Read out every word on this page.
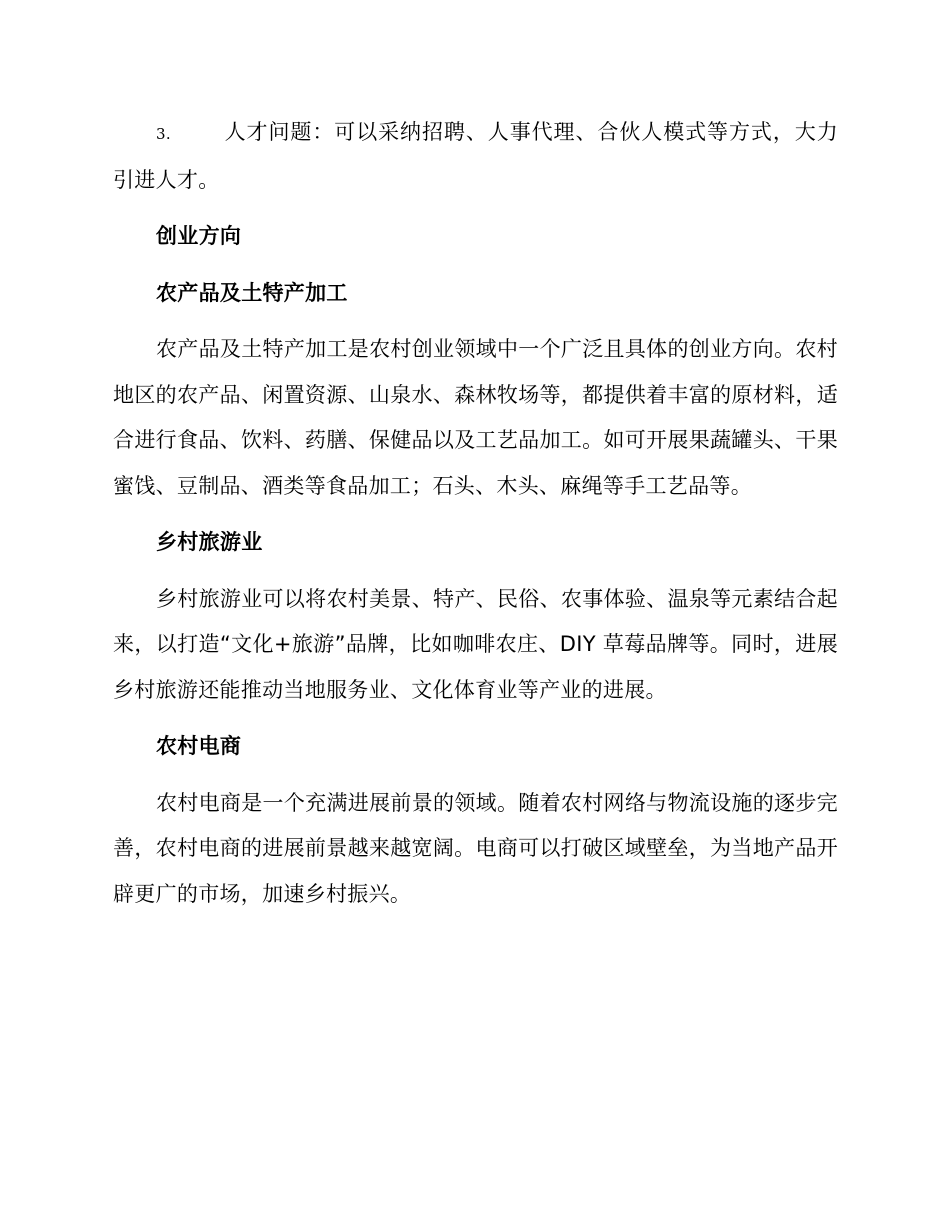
3.	人才问题：可以采纳招聘、人事代理、合伙人模式等方式，大力引进人才。

创业方向

农产品及土特产加工

农产品及土特产加工是农村创业领域中一个广泛且具体的创业方向。农村地区的农产品、闲置资源、山泉水、森林牧场等，都提供着丰富的原材料，适合进行食品、饮料、药膳、保健品以及工艺品加工。如可开展果蔬罐头、干果蜜饯、豆制品、酒类等食品加工；石头、木头、麻绳等手工艺品等。

乡村旅游业

乡村旅游业可以将农村美景、特产、民俗、农事体验、温泉等元素结合起来，以打造“文化+旅游”品牌，比如咖啡农庄、DIY 草莓品牌等。同时，进展乡村旅游还能推动当地服务业、文化体育业等产业的进展。

农村电商

农村电商是一个充满进展前景的领域。随着农村网络与物流设施的逐步完善，农村电商的进展前景越来越宽阔。电商可以打破区域壁垒，为当地产品开辟更广的市场，加速乡村振兴。
